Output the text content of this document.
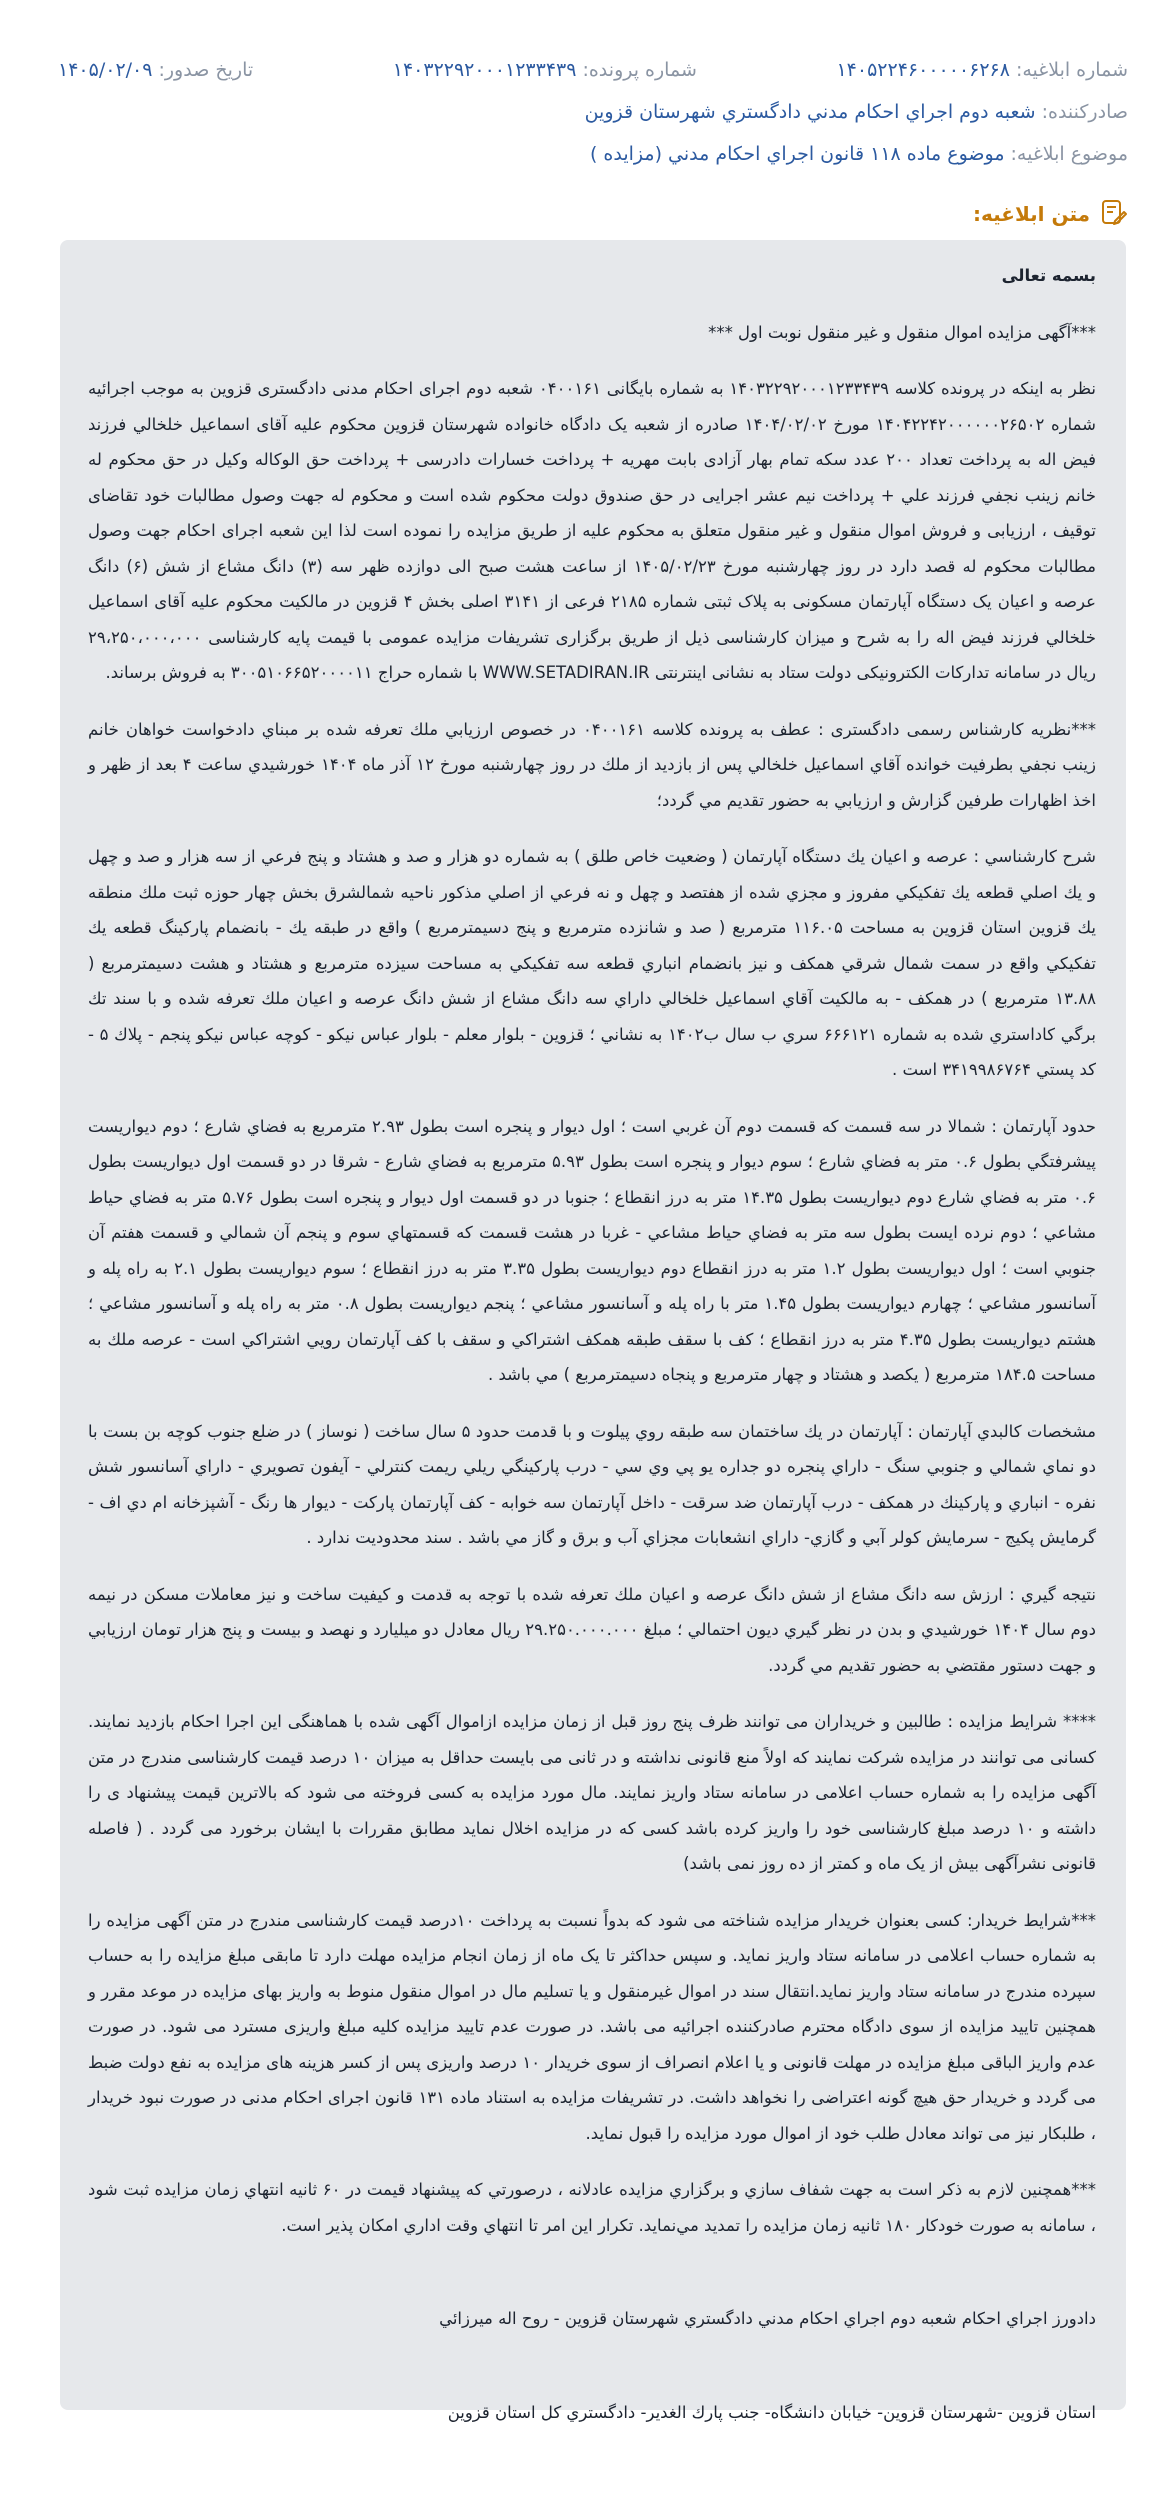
شماره ابلاغیه:۱۴۰۵۲۲۴۶۰۰۰۰۰۶۲۶۸
شماره پرونده:۱۴۰۳۲۲۹۲۰۰۰۱۲۳۳۴۳۹
تاریخ صدور:۱۴۰۵/۰۲/۰۹
صادرکننده:شعبه دوم اجراي احكام مدني دادگستري شهرستان قزوين
موضوع ابلاغیه:موضوع ماده ۱۱۸ قانون اجراي احكام مدني (مزايده )
متن ابلاغیه:

بسمه تعالی

***آگهی مزایده اموال منقول و غیر منقول نوبت اول ***

نظر به اینکه در پرونده کلاسه ۱۴۰۳۲۲۹۲۰۰۰۱۲۳۳۴۳۹ به شماره بایگانی ۰۴۰۰۱۶۱ شعبه دوم اجرای احکام مدنی دادگستری قزوین به موجب اجرائیه شماره ۱۴۰۴۲۲۴۲۰۰۰۰۰۰۲۶۵۰۲ مورخ ۱۴۰۴/۰۲/۰۲ صادره از شعبه یک دادگاه خانواده شهرستان قزوین محکوم علیه آقای اسماعیل خلخالي فرزند فیض اله به پرداخت تعداد ۲۰۰ عدد سکه تمام بهار آزادی بابت مهریه + پرداخت خسارات دادرسی + پرداخت حق الوکاله وکیل در حق محکوم له خانم زینب نجفي فرزند علي + پرداخت نیم عشر اجرایی در حق صندوق دولت محکوم شده است و محکوم له جهت وصول مطالبات خود تقاضای توقیف ، ارزیابی و فروش اموال منقول و غیر منقول متعلق به محکوم علیه از طریق مزایده را نموده است لذا این شعبه اجرای احکام جهت وصول مطالبات محکوم له قصد دارد در روز چهارشنبه مورخ ۱۴۰۵/۰۲/۲۳ از ساعت هشت صبح الی دوازده ظهر سه (۳) دانگ مشاع از شش (۶) دانگ عرصه و اعیان یک دستگاه آپارتمان مسکونی به پلاک ثبتی شماره ۲۱۸۵ فرعی از ۳۱۴۱ اصلی بخش ۴ قزوین در مالکیت محکوم علیه آقای اسماعیل خلخالي فرزند فیض اله را به شرح و میزان کارشناسی ذیل از طریق برگزاری تشریفات مزایده عمومی با قیمت پایه کارشناسی ۲۹،۲۵۰،۰۰۰،۰۰۰ ریال در سامانه تدارکات الکترونیکی دولت ستاد به نشانی اینترنتی WWW.SETADIRAN.IR با شماره حراج ۳۰۰۵۱۰۶۶۵۲۰۰۰۰۱۱ به فروش برساند.

***نظریه کارشناس رسمی دادگستری : عطف به پرونده کلاسه ۰۴۰۰۱۶۱ در خصوص ارزيابي ملك تعرفه شده بر مبناي دادخواست خواهان خانم زينب نجفي بطرفيت خوانده آقاي اسماعيل خلخالي پس از بازديد از ملك در روز چهارشنبه مورخ ۱۲ آذر ماه ۱۴۰۴ خورشيدي ساعت ۴ بعد از ظهر و اخذ اظهارات طرفين گزارش و ارزيابي به حضور تقديم مي گردد؛

شرح کارشناسي : عرصه و اعيان يك دستگاه آپارتمان ( وضعيت خاص طلق ) به شماره دو هزار و صد و هشتاد و پنج فرعي از سه هزار و صد و چهل و يك اصلي قطعه يك تفكيكي مفروز و مجزي شده از هفتصد و چهل و نه فرعي از اصلي مذكور ناحيه شمالشرق بخش چهار حوزه ثبت ملك منطقه يك قزوين استان قزوين به مساحت ۱۱۶.۰۵ مترمربع ( صد و شانزده مترمربع و پنج دسيمترمربع ) واقع در طبقه يك - بانضمام پاركينگ قطعه يك تفكيكي واقع در سمت شمال شرقي همكف و نيز بانضمام انباري قطعه سه تفكيكي به مساحت سيزده مترمربع و هشتاد و هشت دسيمترمربع ( ۱۳.۸۸ مترمربع ) در همكف - به مالكيت آقاي اسماعيل خلخالي داراي سه دانگ مشاع از شش دانگ عرصه و اعيان ملك تعرفه شده و با سند تك برگي كاداستري شده به شماره ۶۶۶۱۲۱ سري ب سال ب۱۴۰۲ به نشاني ؛ قزوين - بلوار معلم - بلوار عباس نيكو - كوچه عباس نيكو پنجم - پلاك ۵ - كد پستي ۳۴۱۹۹۸۶۷۶۴ است .

حدود آپارتمان : شمالا در سه قسمت كه قسمت دوم آن غربي است ؛ اول ديوار و پنجره است بطول ۲.۹۳ مترمربع به فضاي شارع ؛ دوم ديواريست پيشرفتگي بطول ۰.۶ متر به فضاي شارع ؛ سوم ديوار و پنجره است بطول ۵.۹۳ مترمربع به فضاي شارع - شرقا در دو قسمت اول ديواريست بطول ۰.۶ متر به فضاي شارع دوم ديواريست بطول ۱۴.۳۵ متر به درز انقطاع ؛ جنوبا در دو قسمت اول ديوار و پنجره است بطول ۵.۷۶ متر به فضاي حياط مشاعي ؛ دوم نرده ايست بطول سه متر به فضاي حياط مشاعي - غربا در هشت قسمت كه قسمتهاي سوم و پنجم آن شمالي و قسمت هفتم آن جنوبي است ؛ اول ديواريست بطول ۱.۲ متر به درز انقطاع دوم ديواريست بطول ۳.۳۵ متر به درز انقطاع ؛ سوم ديواريست بطول ۲.۱ به راه پله و آسانسور مشاعي ؛ چهارم ديواريست بطول ۱.۴۵ متر با راه پله و آسانسور مشاعي ؛ پنجم ديواريست بطول ۰.۸ متر به راه پله و آسانسور مشاعي ؛ هشتم ديواريست بطول ۴.۳۵ متر به درز انقطاع ؛ كف با سقف طبقه همكف اشتراكي و سقف با كف آپارتمان رويي اشتراكي است - عرصه ملك به مساحت ۱۸۴.۵ مترمربع ( يكصد و هشتاد و چهار مترمربع و پنجاه دسيمترمربع ) مي باشد .

مشخصات كالبدي آپارتمان : آپارتمان در يك ساختمان سه طبقه روي پيلوت و با قدمت حدود ۵ سال ساخت ( نوساز ) در ضلع جنوب كوچه بن بست با دو نماي شمالي و جنوبي سنگ - داراي پنجره دو جداره يو پي وي سي - درب پاركينگي ريلي ريمت كنترلي - آيفون تصويري - داراي آسانسور شش نفره - انباري و پاركينك در همكف - درب آپارتمان ضد سرقت - داخل آپارتمان سه خوابه - كف آپارتمان پاركت - ديوار ها رنگ - آشپزخانه ام دي اف - گرمايش پكيج - سرمايش كولر آبي و گازي- داراي انشعابات مجزاي آب و برق و گاز مي باشد . سند محدوديت ندارد .

نتيجه گيري : ارزش سه دانگ مشاع از شش دانگ عرصه و اعيان ملك تعرفه شده با توجه به قدمت و كيفيت ساخت و نيز معاملات مسكن در نيمه دوم سال ۱۴۰۴ خورشيدي و بدن در نظر گيري ديون احتمالي ؛ مبلغ ۲۹.۲۵۰.۰۰۰.۰۰۰ ريال معادل دو ميليارد و نهصد و بيست و پنج هزار تومان ارزيابي و جهت دستور مقتضي به حضور تقديم مي گردد.

**** شرایط مزایده : طالبین و خریداران می توانند ظرف پنج روز قبل از زمان مزایده ازاموال آگهی شده با هماهنگی این اجرا احکام بازدید نمایند. کسانی می توانند در مزایده شرکت نمایند که اولاً منع قانونی نداشته و در ثانی می بایست حداقل به میزان ۱۰ درصد قیمت کارشناسی مندرج در متن آگهی مزایده را به شماره حساب اعلامی در سامانه ستاد واریز نمایند. مال مورد مزایده به کسی فروخته می شود که بالاترین قیمت پیشنهاد ی را داشته و ۱۰ درصد مبلغ کارشناسی خود را واریز کرده باشد کسی که در مزایده اخلال نماید مطابق مقررات با ایشان برخورد می گردد . ( فاصله قانونی نشرآگهی بیش از یک ماه و کمتر از ده روز نمی باشد)

***شرایط خریدار: کسی بعنوان خریدار مزایده شناخته می شود که بدواً نسبت به پرداخت ۱۰درصد قیمت کارشناسی مندرج در متن آگهی مزایده را به شماره حساب اعلامی در سامانه ستاد واریز نماید. و سپس حداکثر تا یک ماه از زمان انجام مزایده مهلت دارد تا مابقی مبلغ مزایده را به حساب سپرده مندرج در سامانه ستاد واریز نماید.انتقال سند در اموال غیرمنقول و یا تسلیم مال در اموال منقول منوط به واریز بهای مزایده در موعد مقرر و همچنین تایید مزایده از سوی دادگاه محترم صادرکننده اجرائیه می باشد. در صورت عدم تایید مزایده کلیه مبلغ واریزی مسترد می شود. در صورت عدم واریز الباقی مبلغ مزایده در مهلت قانونی و یا اعلام انصراف از سوی خریدار ۱۰ درصد واریزی پس از کسر هزینه های مزایده به نفع دولت ضبط می گردد و خریدار حق هیچ گونه اعتراضی را نخواهد داشت. در تشریفات مزایده به استناد ماده ۱۳۱ قانون اجرای احکام مدنی در صورت نبود خریدار ، طلبکار نیز می تواند معادل طلب خود از اموال مورد مزایده را قبول نماید.

***همچنین لازم به ذکر است به جهت شفاف سازي و برگزاري مزايده عادلانه ، درصورتي كه پيشنهاد قيمت در ۶۰ ثانيه انتهاي زمان مزايده ثبت شود ، سامانه به صورت خودكار ۱۸۰ ثانيه زمان مزايده را تمديد مي‌نمايد. تكرار اين امر تا انتهاي وقت اداري امكان پذير است.

دادورز اجراي احكام شعبه دوم اجراي احكام مدني دادگستري شهرستان قزوين - روح اله ميرزائي

استان قزوين -شهرستان قزوين- خيابان دانشگاه- جنب پارك الغدير- دادگستري كل استان قزوين
